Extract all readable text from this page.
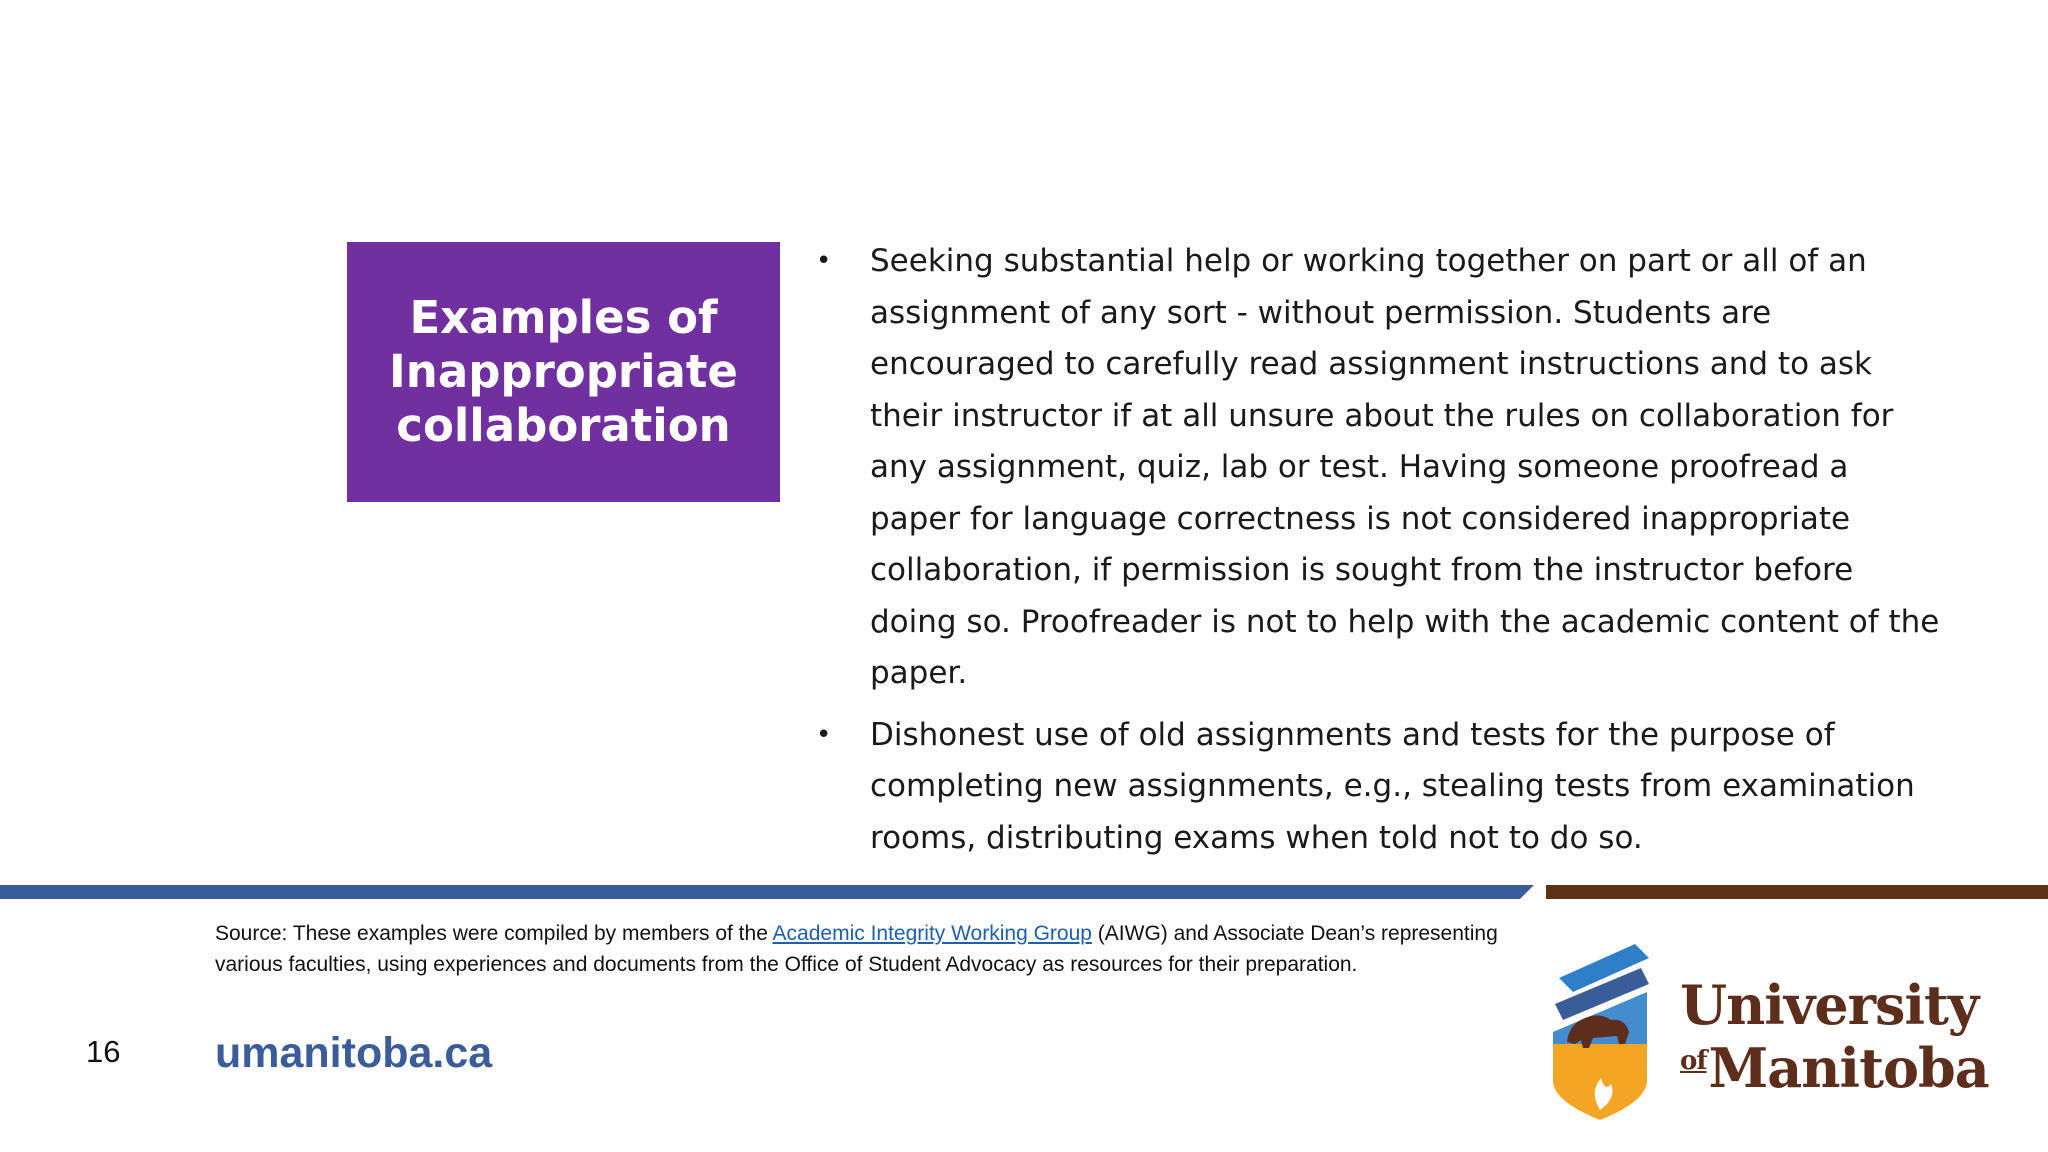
Examples of
Inappropriate
collaboration
• Seeking substantial help or working together on part or all of an assignment of any sort - without permission. Students are encouraged to carefully read assignment instructions and to ask their instructor if at all unsure about the rules on collaboration for any assignment, quiz, lab or test. Having someone proofread a paper for language correctness is not considered inappropriate collaboration, if permission is sought from the instructor before doing so. Proofreader is not to help with the academic content of the paper.
• Dishonest use of old assignments and tests for the purpose of completing new assignments, e.g., stealing tests from examination rooms, distributing exams when told not to do so.
Source: These examples were compiled by members of the Academic Integrity Working Group (AIWG) and Associate Dean’s representing various faculties, using experiences and documents from the Office of Student Advocacy as resources for their preparation.
16 umanitoba.ca
University
$^{of}$Manitoba
